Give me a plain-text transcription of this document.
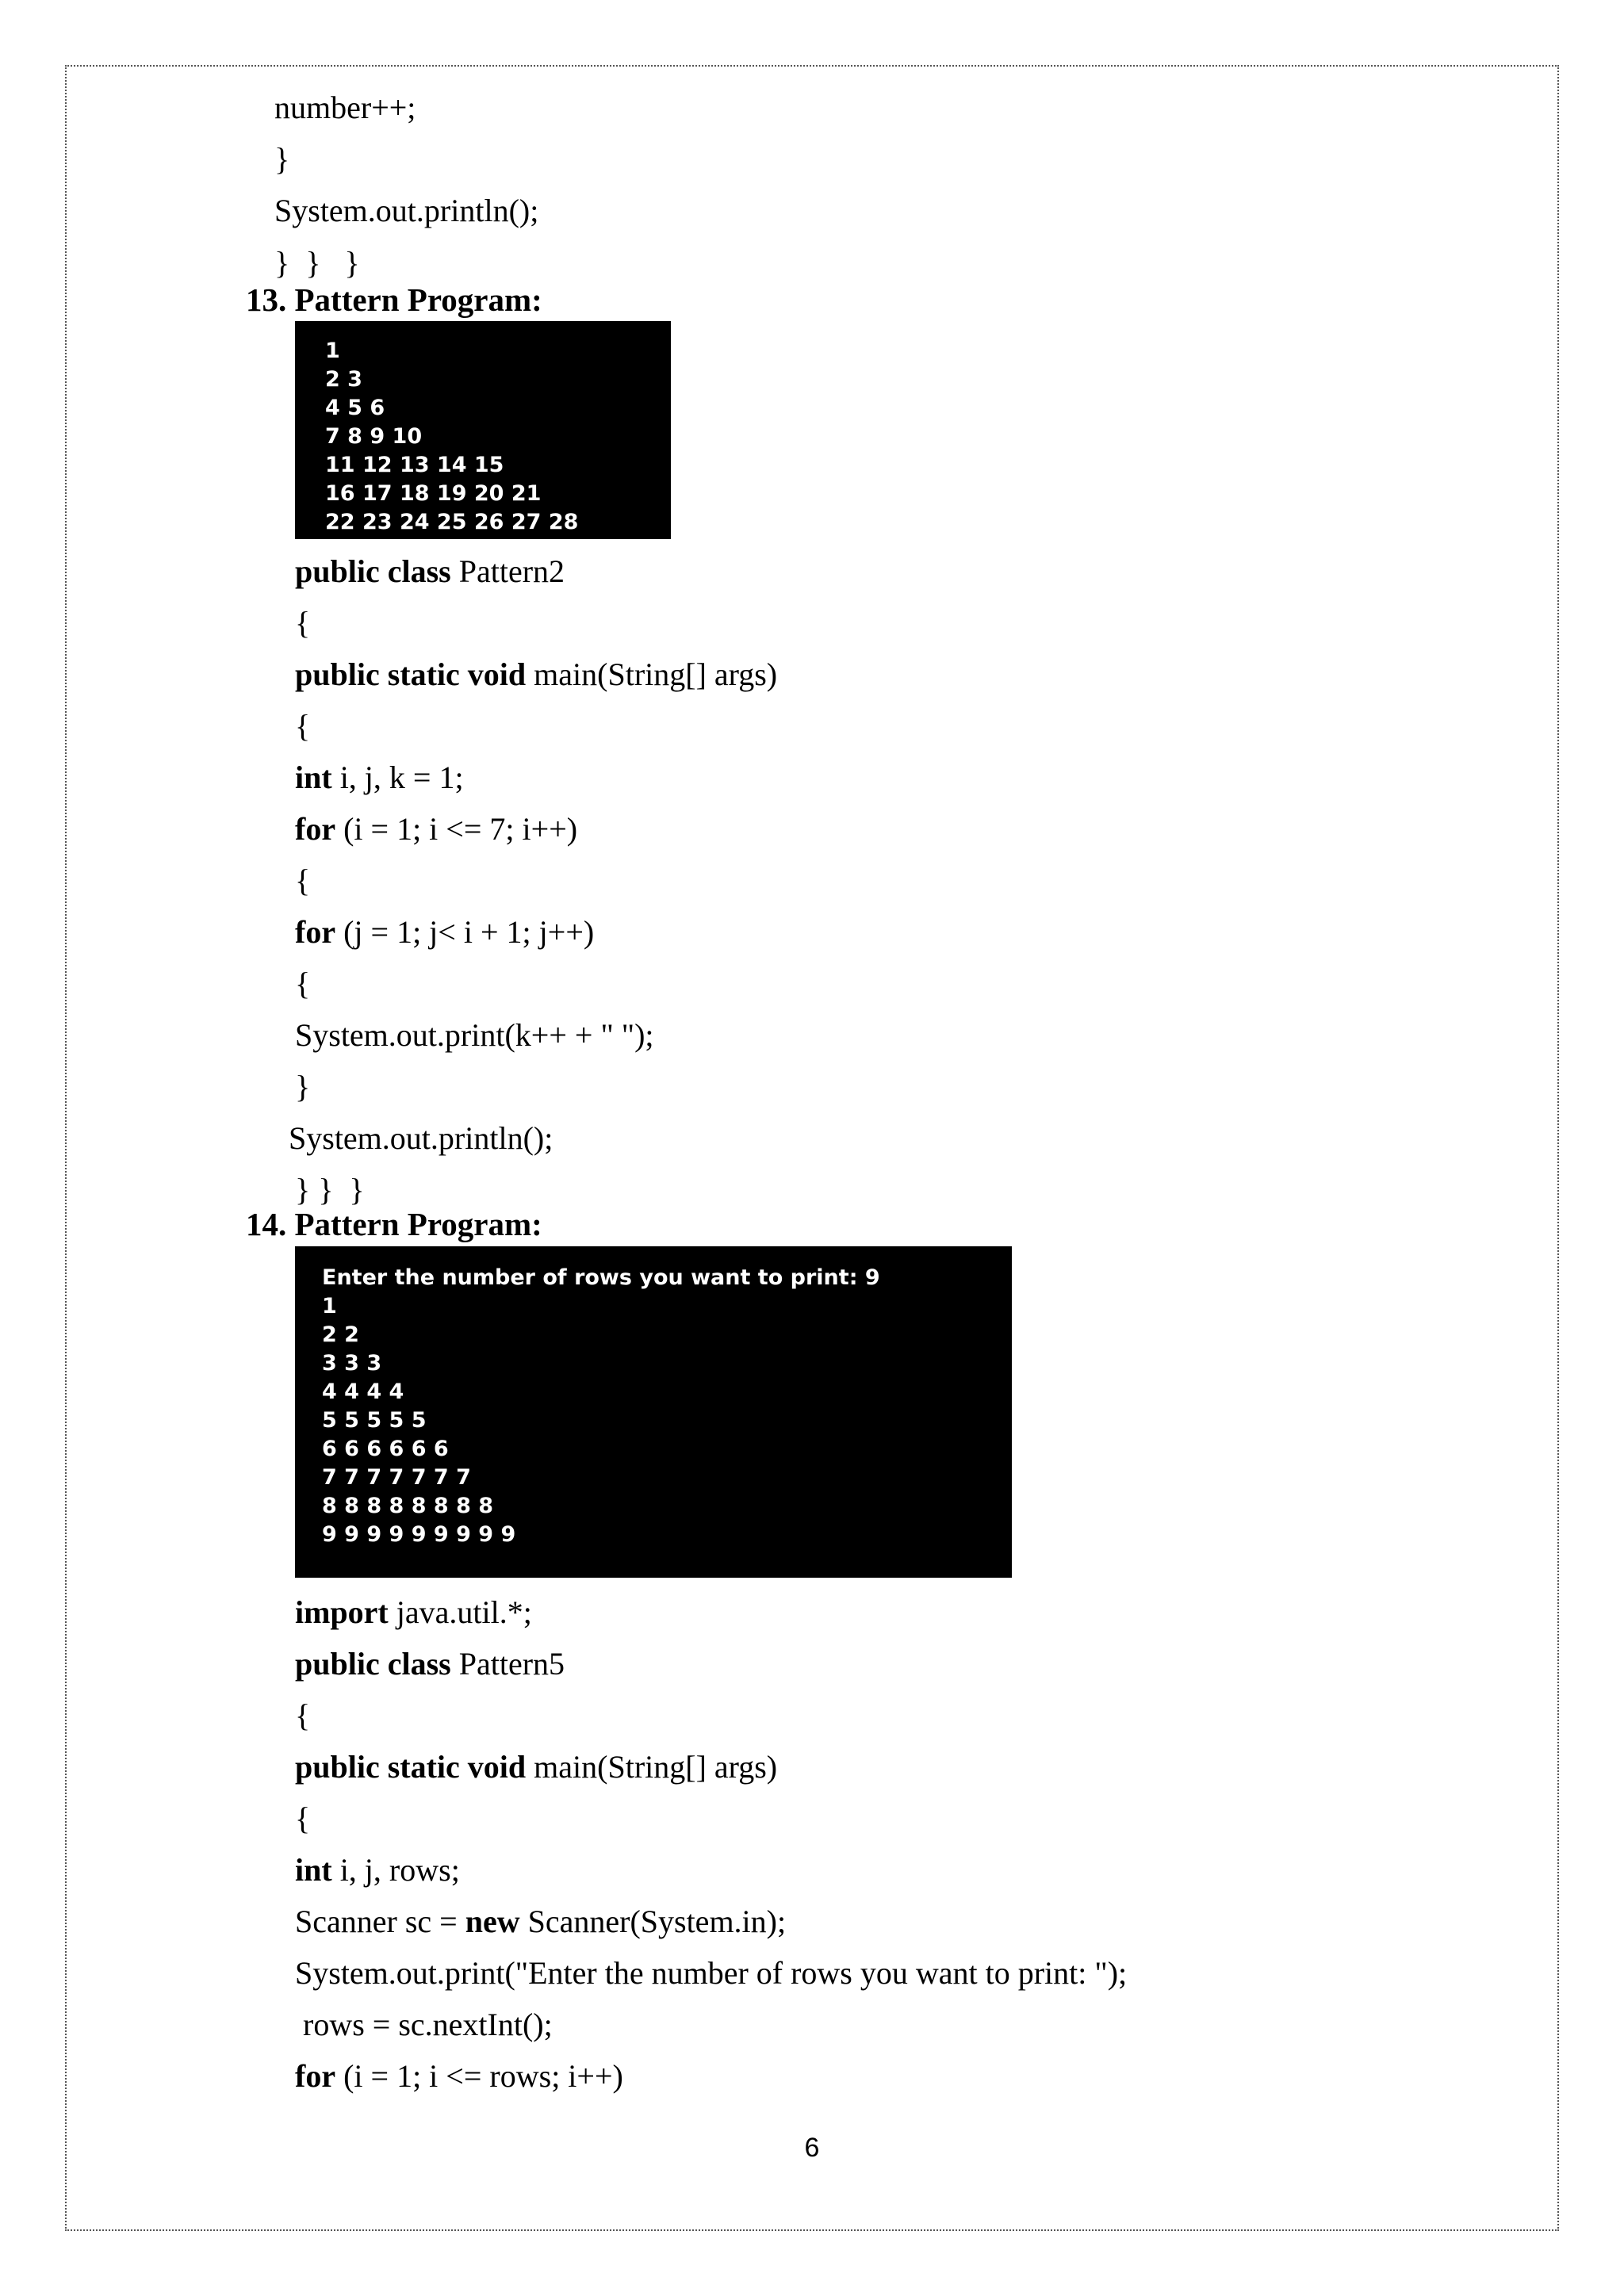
number++;
}
System.out.println();
}  }   }
13. Pattern Program:

1

2 3

4 5 6

7 8 9 10

11 12 13 14 15

16 17 18 19 20 21

22 23 24 25 26 27 28

public class Pattern2
{
public static void main(String[] args)
{
int i, j, k = 1;
for (i = 1; i <= 7; i++)
{
for (j = 1; j< i + 1; j++)
{
System.out.print(k++ + " ");
}
System.out.println();
} }  }
14. Pattern Program:

Enter the number of rows you want to print: 9

1

2 2

3 3 3

4 4 4 4

5 5 5 5 5

6 6 6 6 6 6

7 7 7 7 7 7 7

8 8 8 8 8 8 8 8

9 9 9 9 9 9 9 9 9

import java.util.*;
public class Pattern5
{
public static void main(String[] args)
{
int i, j, rows;
Scanner sc = new Scanner(System.in);
System.out.print("Enter the number of rows you want to print: ");
rows = sc.nextInt();
for (i = 1; i <= rows; i++)
6
